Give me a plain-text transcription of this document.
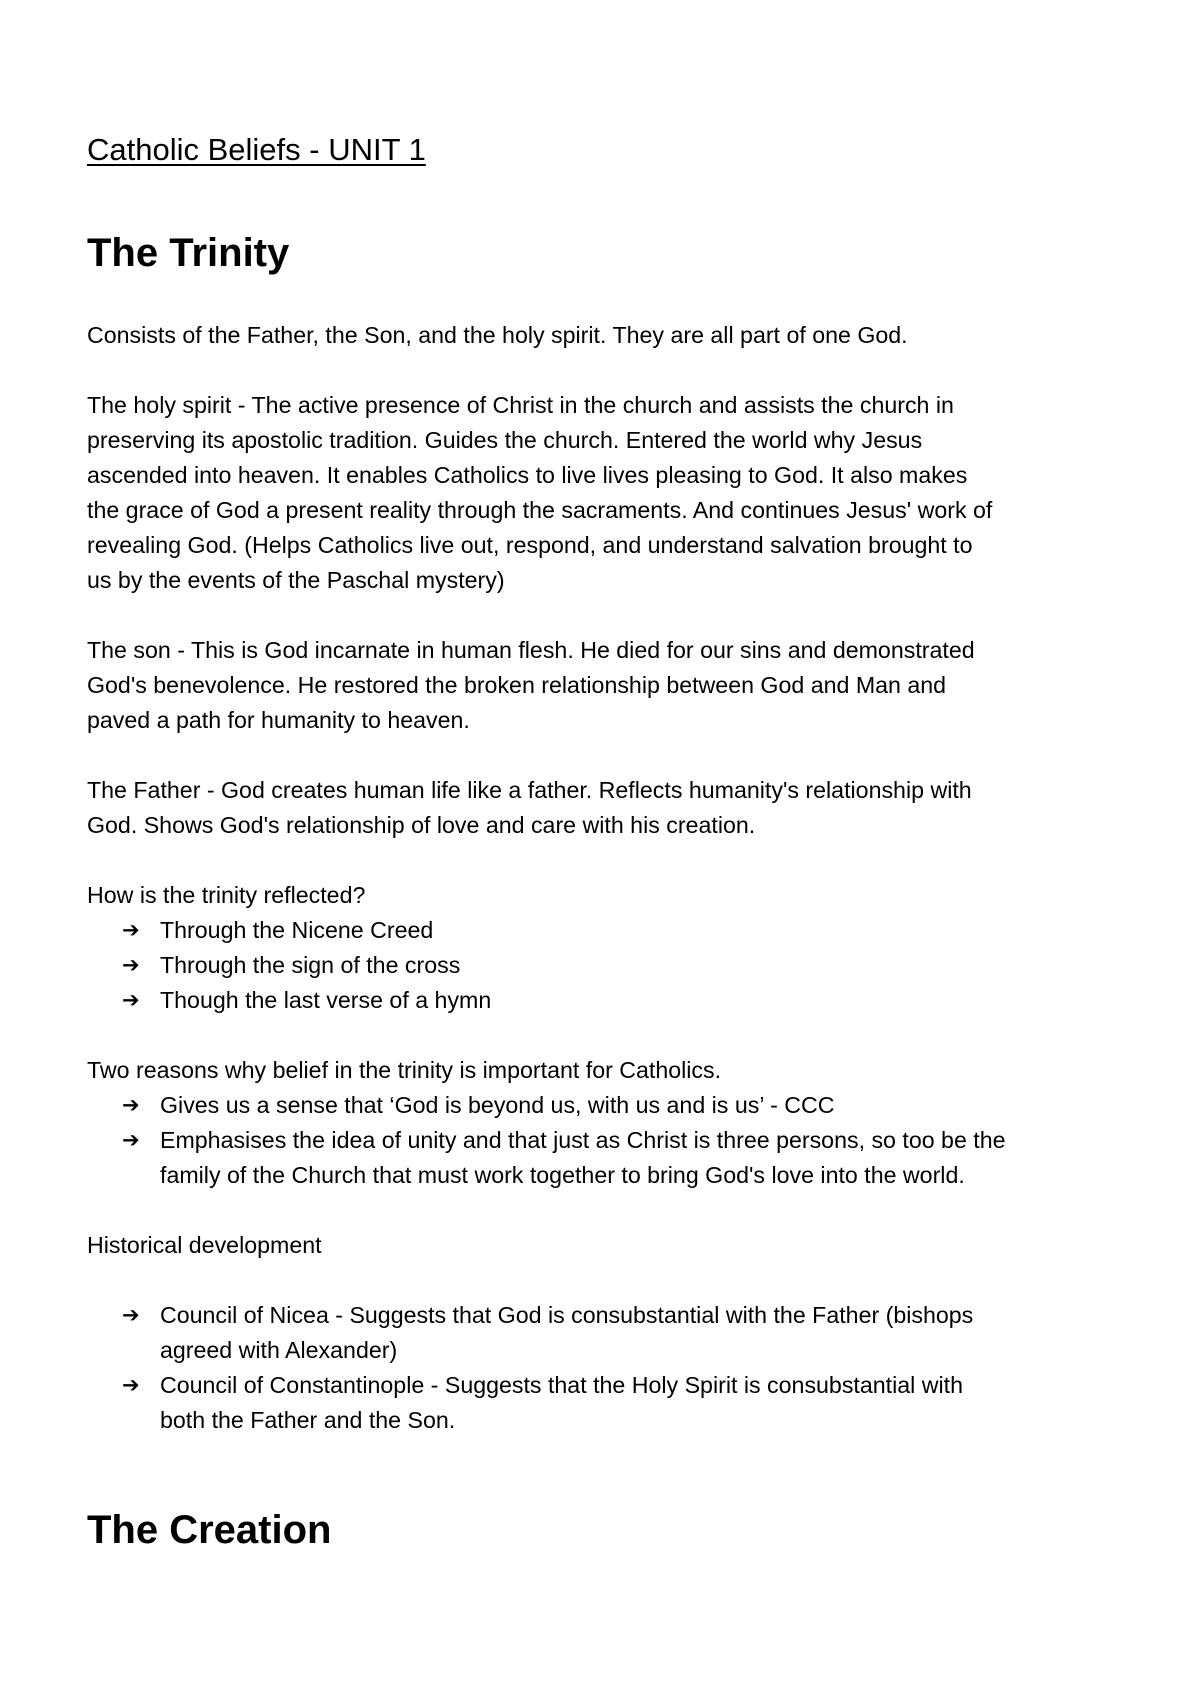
Catholic Beliefs - UNIT 1
The Trinity

Consists of the Father, the Son, and the holy spirit. They are all part of one God.

The holy spirit - The active presence of Christ in the church and assists the church in
preserving its apostolic tradition. Guides the church. Entered the world why Jesus
ascended into heaven. It enables Catholics to live lives pleasing to God. It also makes
the grace of God a present reality through the sacraments. And continues Jesus' work of
revealing God. (Helps Catholics live out, respond, and understand salvation brought to
us by the events of the Paschal mystery)

The son - This is God incarnate in human flesh. He died for our sins and demonstrated
God's benevolence. He restored the broken relationship between God and Man and
paved a path for humanity to heaven.

The Father - God creates human life like a father. Reflects humanity's relationship with
God. Shows God's relationship of love and care with his creation.

How is the trinity reflected?

➔ Through the Nicene Creed
➔ Through the sign of the cross
➔ Though the last verse of a hymn

Two reasons why belief in the trinity is important for Catholics.

➔ Gives us a sense that ‘God is beyond us, with us and is us’ - CCC
➔ Emphasises the idea of unity and that just as Christ is three persons, so too be the
family of the Church that must work together to bring God's love into the world.

Historical development

➔ Council of Nicea - Suggests that God is consubstantial with the Father (bishops
agreed with Alexander)
➔ Council of Constantinople - Suggests that the Holy Spirit is consubstantial with
both the Father and the Son.
The Creation
